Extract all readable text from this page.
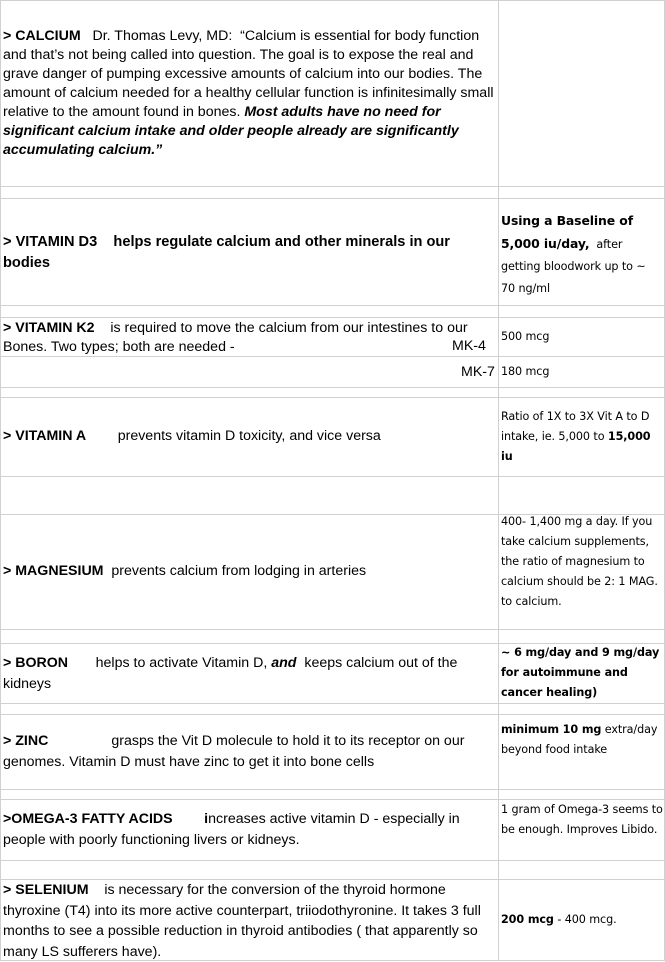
> CALCIUM Dr. Thomas Levy, MD: “Calcium is essential for body function and that’s not being called into question. The goal is to expose the real and grave danger of pumping excessive amounts of calcium into our bodies. The amount of calcium needed for a healthy cellular function is infinitesimally small relative to the amount found in bones. Most adults have no need for significant calcium intake and older people already are significantly accumulating calcium.”
> VITAMIN D3 helps regulate calcium and other minerals in our bodies
Using a Baseline of 5,000 iu/day, after getting bloodwork up to ~ 70 ng/ml
> VITAMIN K2 is required to move the calcium from our intestines to our Bones. Two types; both are needed -	MK-4
500 mcg
MK-7 180 mcg
> VITAMIN A prevents vitamin D toxicity, and vice versa
Ratio of 1X to 3X Vit A to D intake, ie. 5,000 to 15,000 iu
> MAGNESIUM prevents calcium from lodging in arteries
400- 1,400 mg a day. If you take calcium supplements, the ratio of magnesium to calcium should be 2: 1 MAG. to calcium.
> BORON helps to activate Vitamin D, and keeps calcium out of the kidneys
~ 6 mg/day and 9 mg/day for autoimmune and cancer healing)
> ZINC	grasps the Vit D molecule to hold it to its receptor on our genomes. Vitamin D must have zinc to get it into bone cells
minimum 10 mg extra/day beyond food intake
>OMEGA-3 FATTY ACIDS increases active vitamin D - especially in people with poorly functioning livers or kidneys.
1 gram of Omega-3 seems to be enough. Improves Libido.
> SELENIUM is necessary for the conversion of the thyroid hormone thyroxine (T4) into its more active counterpart, triiodothyronine. It takes 3 full months to see a possible reduction in thyroid antibodies ( that apparently so many LS sufferers have).
200 mcg - 400 mcg.
